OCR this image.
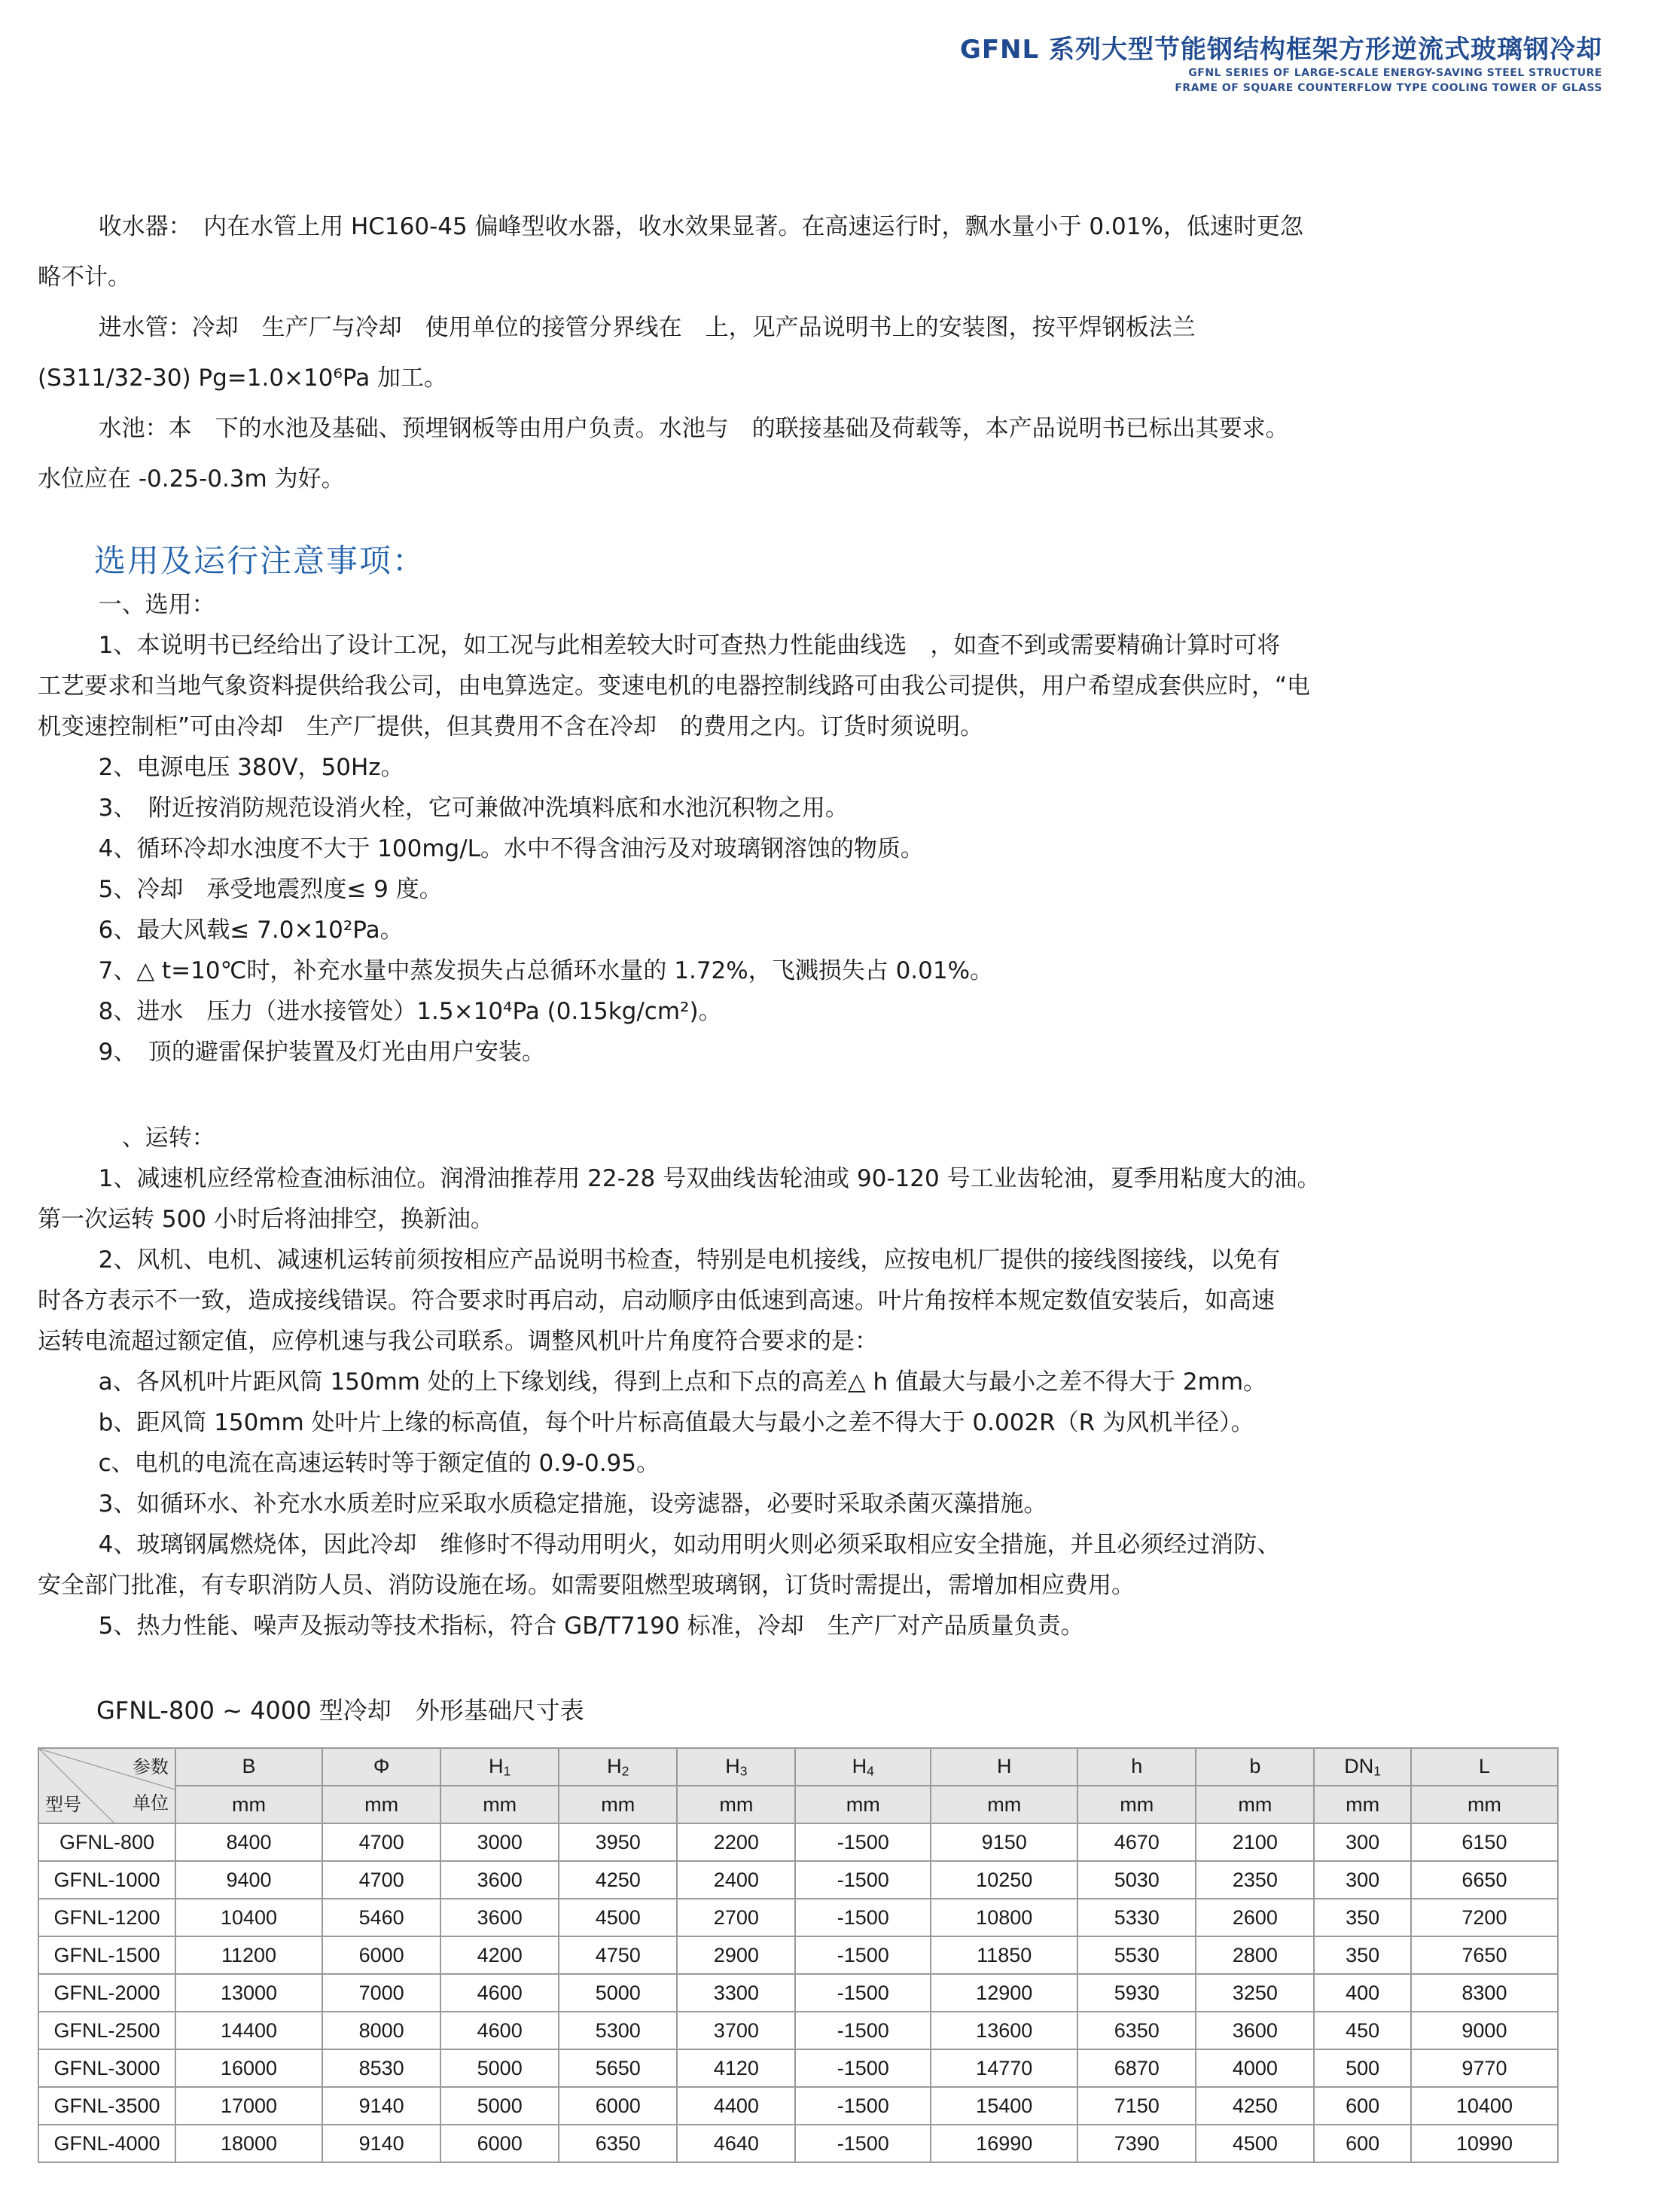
GFNL 系列大型节能钢结构框架方形逆流式玻璃钢冷却
GFNL SERIES OF LARGE-SCALE ENERGY-SAVING STEEL STRUCTURE
FRAME OF SQUARE COUNTERFLOW TYPE COOLING TOWER OF GLASS

收水器：　内在水管上用 HC160-45 偏峰型收水器，收水效果显著。在高速运行时，飘水量小于 0.01%，低速时更忽

略不计。

进水管：冷却　生产厂与冷却　使用单位的接管分界线在　上，见产品说明书上的安装图，按平焊钢板法兰

(S311/32-30) Pg=1.0×10⁶Pa 加工。

水池：本　下的水池及基础、预埋钢板等由用户负责。水池与　的联接基础及荷载等，本产品说明书已标出其要求。

水位应在 -0.25-0.3m 为好。

选用及运行注意事项：

一、选用：

1、本说明书已经给出了设计工况，如工况与此相差较大时可查热力性能曲线选　，如查不到或需要精确计算时可将

工艺要求和当地气象资料提供给我公司，由电算选定。变速电机的电器控制线路可由我公司提供，用户希望成套供应时，“电

机变速控制柜”可由冷却　生产厂提供，但其费用不含在冷却　的费用之内。订货时须说明。

2、电源电压 380V，50Hz。

3、　附近按消防规范设消火栓，它可兼做冲洗填料底和水池沉积物之用。

4、循环冷却水浊度不大于 100mg/L。水中不得含油污及对玻璃钢溶蚀的物质。

5、冷却　承受地震烈度≤ 9 度。

6、最大风载≤ 7.0×10²Pa。

7、△ t=10℃时，补充水量中蒸发损失占总循环水量的 1.72%，飞溅损失占 0.01%。

8、进水　压力（进水接管处）1.5×10⁴Pa (0.15kg/cm²)。

9、　顶的避雷保护装置及灯光由用户安装。

、运转：

1、减速机应经常检查油标油位。润滑油推荐用 22-28 号双曲线齿轮油或 90-120 号工业齿轮油，夏季用粘度大的油。

第一次运转 500 小时后将油排空，换新油。

2、风机、电机、减速机运转前须按相应产品说明书检查，特别是电机接线，应按电机厂提供的接线图接线，以免有

时各方表示不一致，造成接线错误。符合要求时再启动，启动顺序由低速到高速。叶片角按样本规定数值安装后，如高速

运转电流超过额定值，应停机速与我公司联系。调整风机叶片角度符合要求的是：

a、各风机叶片距风筒 150mm 处的上下缘划线，得到上点和下点的高差△ h 值最大与最小之差不得大于 2mm。

b、距风筒 150mm 处叶片上缘的标高值，每个叶片标高值最大与最小之差不得大于 0.002R（R 为风机半径）。

c、电机的电流在高速运转时等于额定值的 0.9-0.95。

3、如循环水、补充水水质差时应采取水质稳定措施，设旁滤器，必要时采取杀菌灭藻措施。

4、玻璃钢属燃烧体，因此冷却　维修时不得动用明火，如动用明火则必须采取相应安全措施，并且必须经过消防、

安全部门批准，有专职消防人员、消防设施在场。如需要阻燃型玻璃钢，订货时需提出，需增加相应费用。

5、热力性能、噪声及振动等技术指标，符合 GB/T7190 标准，冷却　生产厂对产品质量负责。

GFNL-800 ~ 4000 型冷却　外形基础尺寸表

参数
单位
型号	B	Φ	H1	H2	H3	H4	H	h	b	DN1	L
	mm	mm	mm	mm	mm	mm	mm	mm	mm	mm	mm
GFNL-800	8400	4700	3000	3950	2200	-1500	9150	4670	2100	300	6150
GFNL-1000	9400	4700	3600	4250	2400	-1500	10250	5030	2350	300	6650
GFNL-1200	10400	5460	3600	4500	2700	-1500	10800	5330	2600	350	7200
GFNL-1500	11200	6000	4200	4750	2900	-1500	11850	5530	2800	350	7650
GFNL-2000	13000	7000	4600	5000	3300	-1500	12900	5930	3250	400	8300
GFNL-2500	14400	8000	4600	5300	3700	-1500	13600	6350	3600	450	9000
GFNL-3000	16000	8530	5000	5650	4120	-1500	14770	6870	4000	500	9770
GFNL-3500	17000	9140	5000	6000	4400	-1500	15400	7150	4250	600	10400
GFNL-4000	18000	9140	6000	6350	4640	-1500	16990	7390	4500	600	10990
